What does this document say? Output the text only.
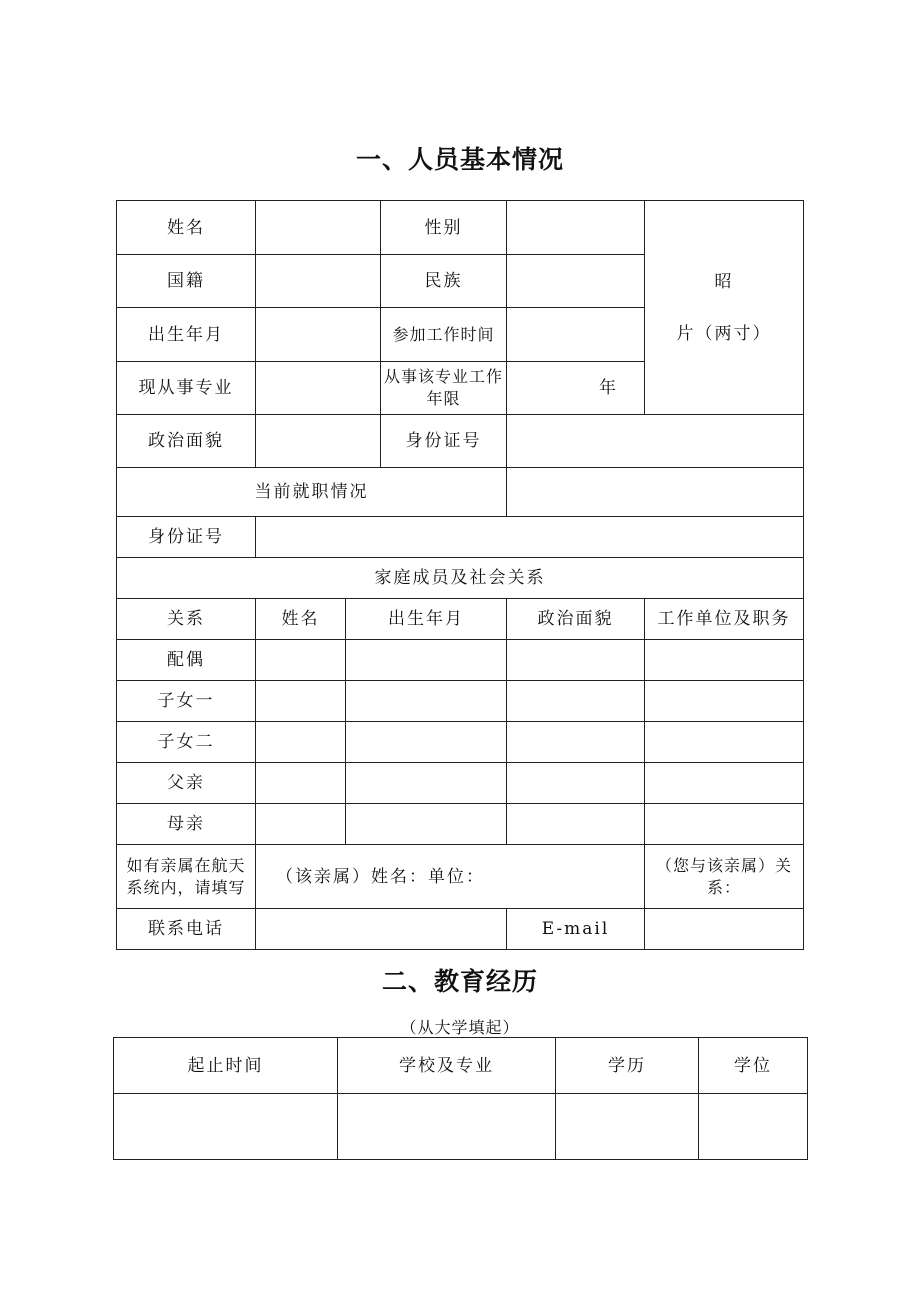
一、人员基本情况
姓名			性别		昭
片（两寸）

国籍			民族		
出生年月			参加工作时间		
现从事专业			从事该专业工作年限	年	
政治面貌			身份证号		
当前就职情况					
身份证号					
家庭成员及社会关系					
关系	姓名	出生年月		政治面貌	工作单位及职务
配偶					
子女一					
子女二					
父亲					
母亲					
如有亲属在航天系统内，请填写	（该亲属）姓名：单位：				（您与该亲属）关系：
联系电话				E-mail	
二、教育经历
（从大学填起）
起止时间	学校及专业	学历	学位
